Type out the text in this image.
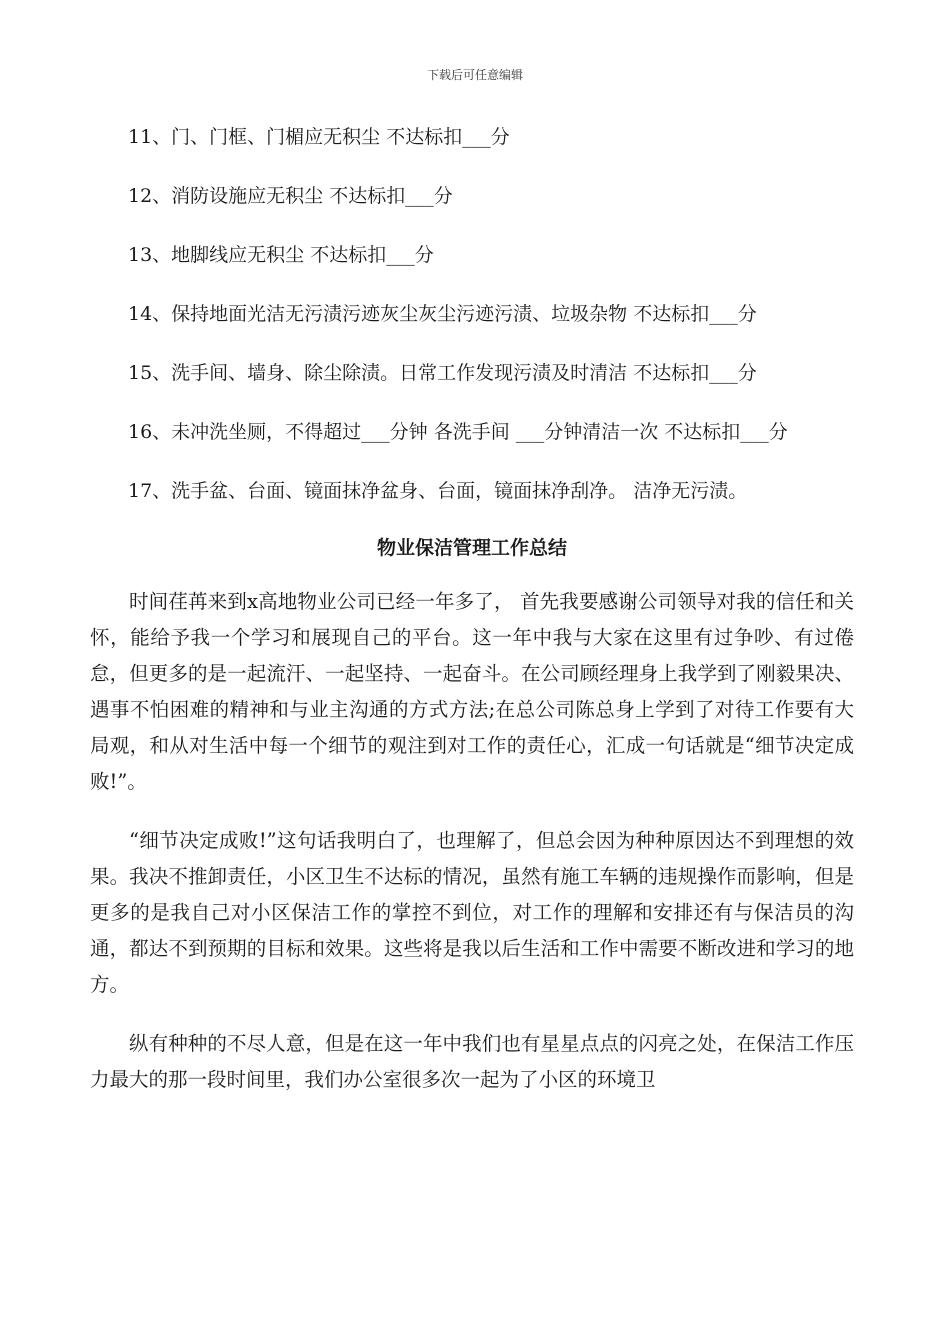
下载后可任意编辑

11、门、门框、门楣应无积尘 不达标扣___分

12、消防设施应无积尘 不达标扣___分

13、地脚线应无积尘 不达标扣___分

14、保持地面光洁无污渍污迹灰尘灰尘污迹污渍、垃圾杂物 不达标扣___分

15、洗手间、墙身、除尘除渍。日常工作发现污渍及时清洁 不达标扣___分

16、未冲洗坐厕，不得超过___分钟 各洗手间 ___分钟清洁一次 不达标扣___分

17、洗手盆、台面、镜面抹净盆身、台面，镜面抹净刮净。 洁净无污渍。

物业保洁管理工作总结

时间荏苒来到x高地物业公司已经一年多了， 首先我要感谢公司领导对我的信任和关怀，能给予我一个学习和展现自己的平台。这一年中我与大家在这里有过争吵、有过倦怠，但更多的是一起流汗、一起坚持、一起奋斗。在公司顾经理身上我学到了刚毅果决、遇事不怕困难的精神和与业主沟通的方式方法;在总公司陈总身上学到了对待工作要有大局观，和从对生活中每一个细节的观注到对工作的责任心，汇成一句话就是“细节决定成败!”。

“细节决定成败!”这句话我明白了，也理解了，但总会因为种种原因达不到理想的效果。我决不推卸责任，小区卫生不达标的情况，虽然有施工车辆的违规操作而影响，但是更多的是我自己对小区保洁工作的掌控不到位，对工作的理解和安排还有与保洁员的沟通，都达不到预期的目标和效果。这些将是我以后生活和工作中需要不断改进和学习的地方。

纵有种种的不尽人意，但是在这一年中我们也有星星点点的闪亮之处，在保洁工作压力最大的那一段时间里，我们办公室很多次一起为了小区的环境卫
